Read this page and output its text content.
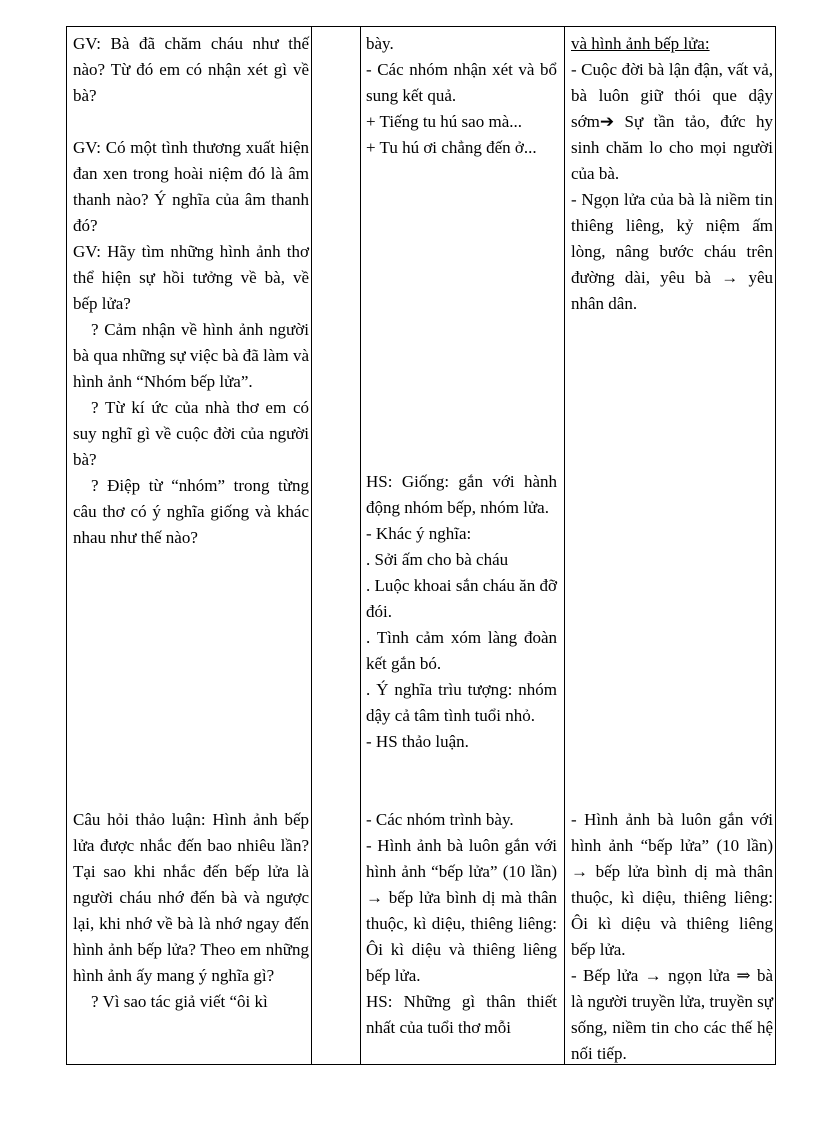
GV: Bà đã chăm cháu như thế nào? Từ đó em có nhận xét gì về bà?

GV: Có một tình thương xuất hiện đan xen trong hoài niệm đó là âm thanh nào? Ý nghĩa của âm thanh đó?

GV: Hãy tìm những hình ảnh thơ thể hiện sự hồi tưởng về bà, về bếp lửa?

? Cảm nhận về hình ảnh người bà qua những sự việc bà đã làm và hình ảnh “Nhóm bếp lửa”.

? Từ kí ức của nhà thơ em có suy nghĩ gì về cuộc đời của người bà?

? Điệp từ “nhóm” trong từng câu thơ có ý nghĩa giống và khác nhau như thế nào?

Câu hỏi thảo luận: Hình ảnh bếp lửa được nhắc đến bao nhiêu lần? Tại sao khi nhắc đến bếp lửa là người cháu nhớ đến bà và ngược lại, khi nhớ về bà là nhớ ngay đến hình ảnh bếp lửa? Theo em những hình ảnh ấy mang ý nghĩa gì?

? Vì sao tác giả viết “ôi kì

bày.

- Các nhóm nhận xét và bổ sung kết quả.

+ Tiếng tu hú sao mà...

+ Tu hú ơi chẳng đến ở...

HS: Giống: gắn với hành động nhóm bếp, nhóm lửa.

- Khác ý nghĩa:

. Sởi ấm cho bà cháu

. Luộc khoai sắn cháu ăn đỡ đói.

. Tình cảm xóm làng đoàn kết gắn bó.

. Ý nghĩa trìu tượng: nhóm dậy cả tâm tình tuổi nhỏ.

- HS thảo luận.

- Các nhóm trình bày.

- Hình ảnh bà luôn gắn với hình ảnh “bếp lửa” (10 lần) → bếp lửa bình dị mà thân thuộc, kì diệu, thiêng liêng: Ôi kì diệu và thiêng liêng bếp lửa.

HS: Những gì thân thiết nhất của tuổi thơ mỗi

và hình ảnh bếp lửa:

- Cuộc đời bà lận đận, vất vả, bà luôn giữ thói que dậy sớm➔ Sự tần tảo, đức hy sinh chăm lo cho mọi người của bà.

- Ngọn lửa của bà là niềm tin thiêng liêng, kỷ niệm ấm lòng, nâng bước cháu trên đường dài, yêu bà → yêu nhân dân.

- Hình ảnh bà luôn gắn với hình ảnh “bếp lửa” (10 lần) → bếp lửa bình dị mà thân thuộc, kì diệu, thiêng liêng: Ôi kì diệu và thiêng liêng bếp lửa.

- Bếp lửa → ngọn lửa ⇒ bà là người truyền lửa, truyền sự sống, niềm tin cho các thế hệ nối tiếp.
